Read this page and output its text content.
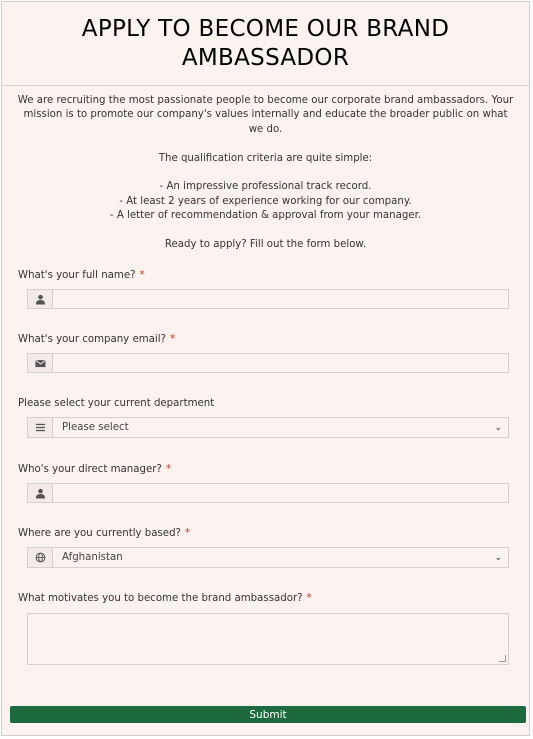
APPLY TO BECOME OUR BRAND AMBASSADOR

We are recruiting the most passionate people to become our corporate brand ambassadors. Your mission is to promote our company's values internally and educate the broader public on what we do.

The qualification criteria are quite simple:

- An impressive professional track record.

- At least 2 years of experience working for our company.

- A letter of recommendation & approval from your manager.

Ready to apply? Fill out the form below.

What's your full name? *
What's your company email? *
Please select your current department
Please select	⌄
Who's your direct manager? *
Where are you currently based? *
Afghanistan	⌄
What motivates you to become the brand ambassador? *
Submit
